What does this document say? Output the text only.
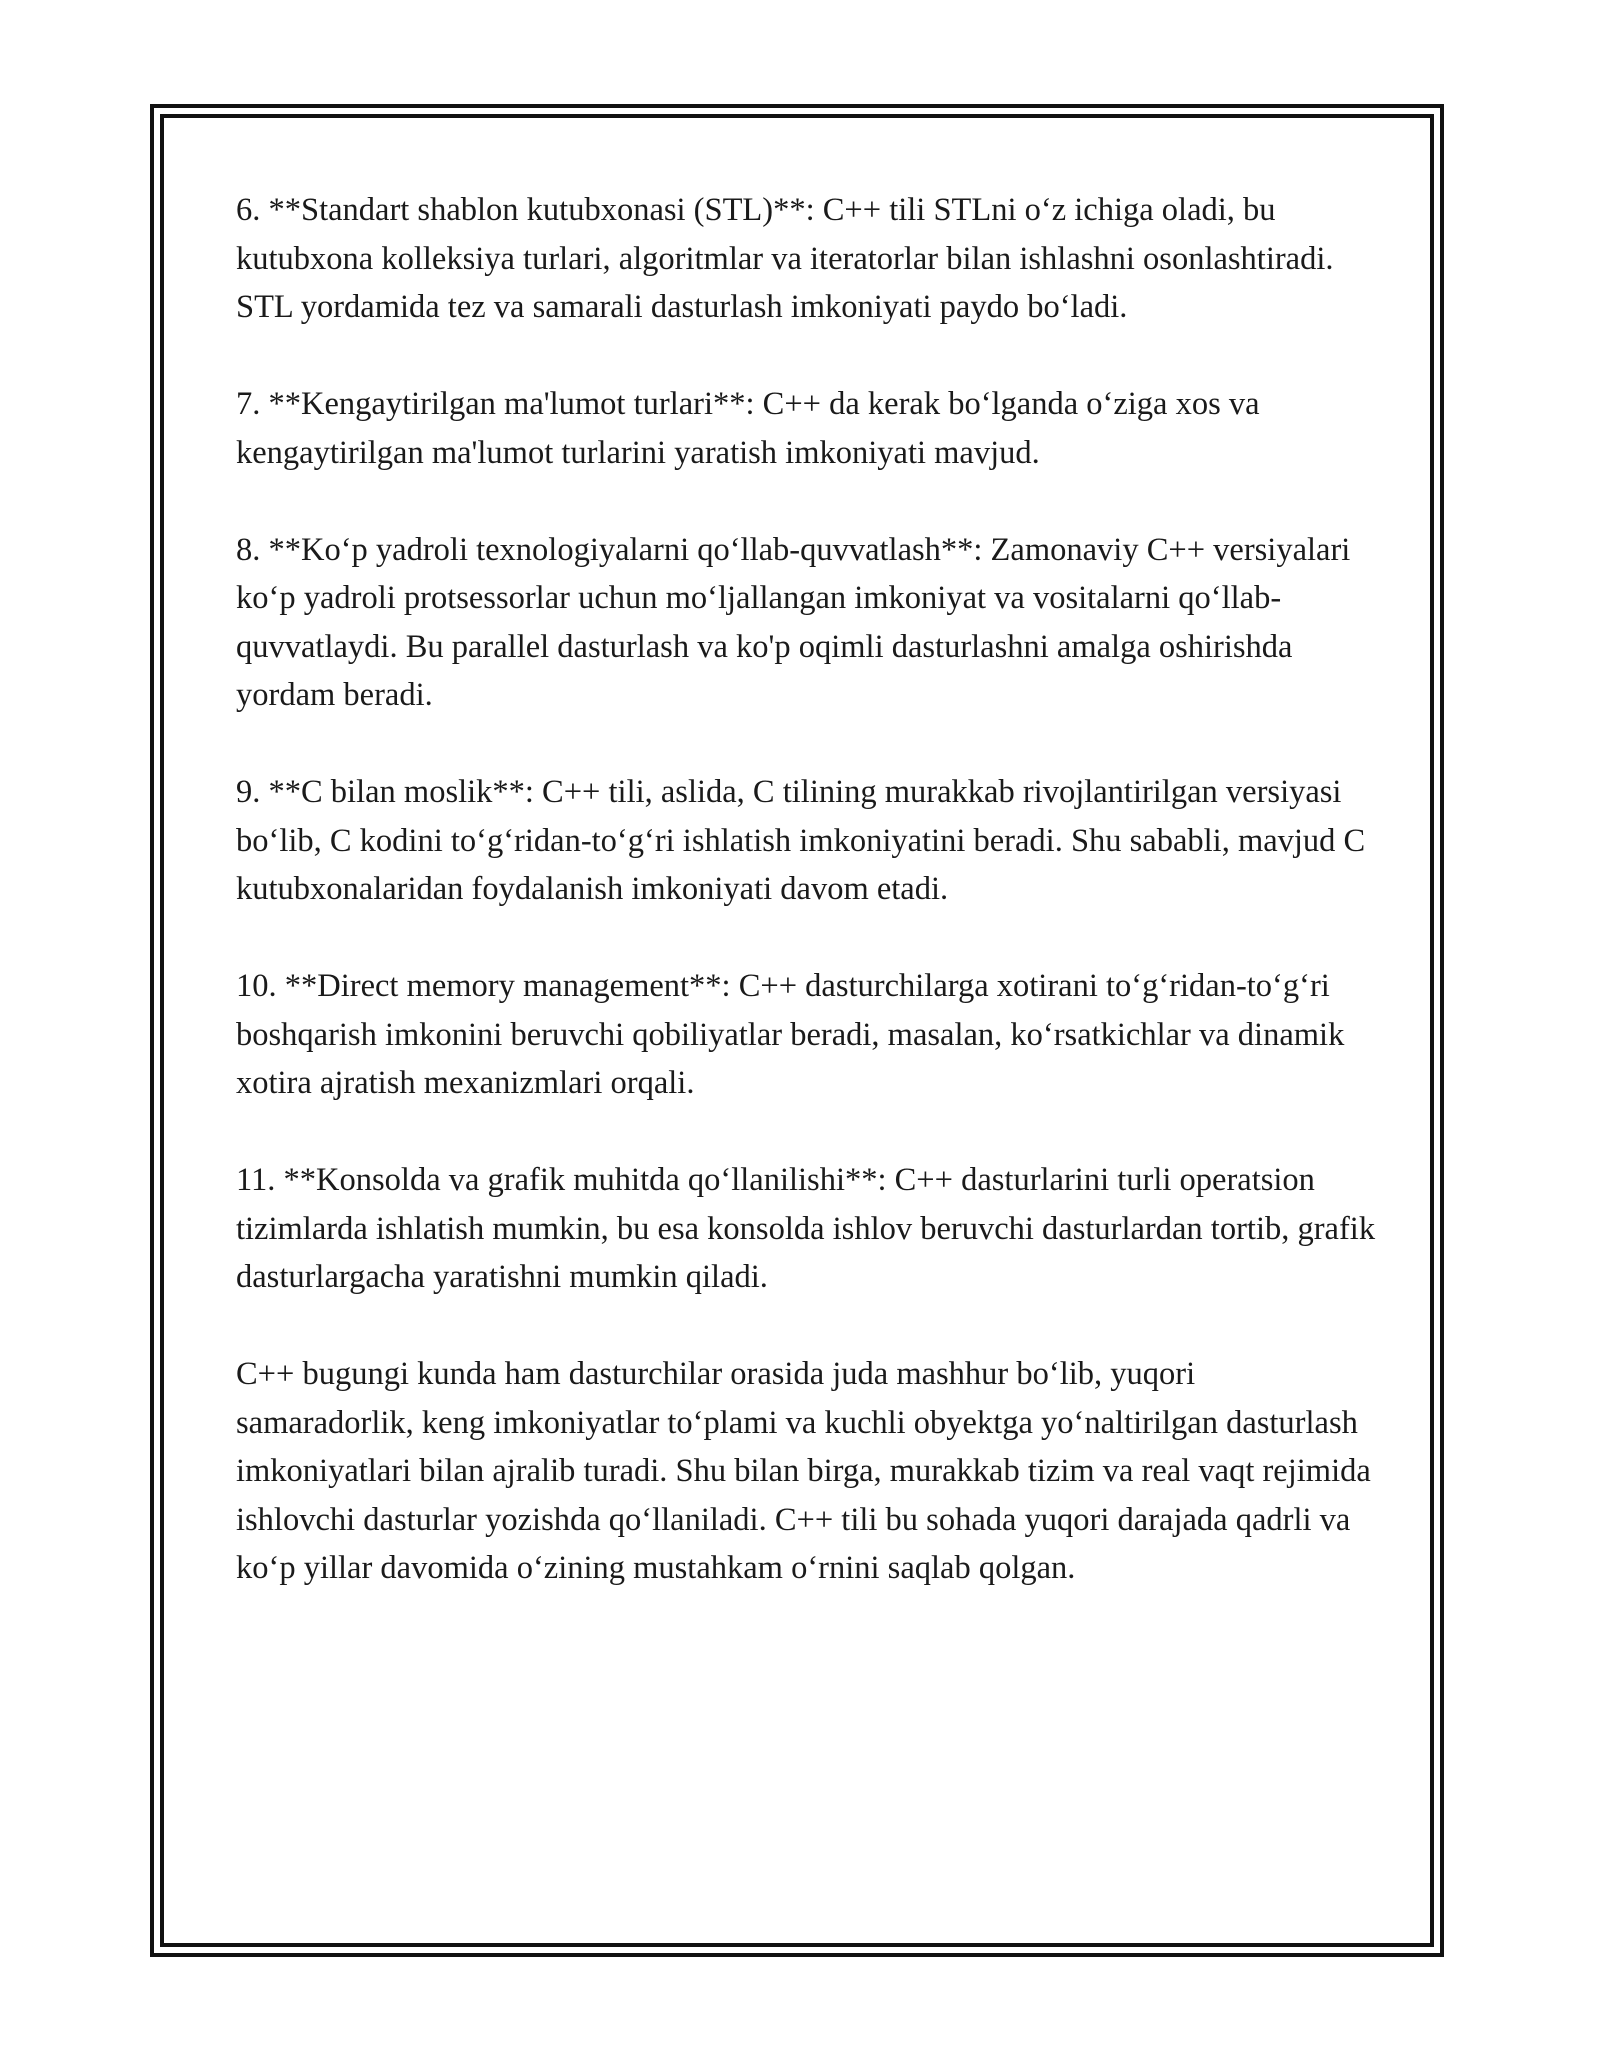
6. **Standart shablon kutubxonasi (STL)**: C++ tili STLni o‘z ichiga oladi, bu kutubxona kolleksiya turlari, algoritmlar va iteratorlar bilan ishlashni osonlashtiradi. STL yordamida tez va samarali dasturlash imkoniyati paydo bo‘ladi.

7. **Kengaytirilgan ma'lumot turlari**: C++ da kerak bo‘lganda o‘ziga xos va kengaytirilgan ma'lumot turlarini yaratish imkoniyati mavjud.

8. **Ko‘p yadroli texnologiyalarni qo‘llab-quvvatlash**: Zamonaviy C++ versiyalari ko‘p yadroli protsessorlar uchun mo‘ljallangan imkoniyat va vositalarni qo‘llab-quvvatlaydi. Bu parallel dasturlash va ko'p oqimli dasturlashni amalga oshirishda yordam beradi.

9. **C bilan moslik**: C++ tili, aslida, C tilining murakkab rivojlantirilgan versiyasi bo‘lib, C kodini to‘g‘ridan-to‘g‘ri ishlatish imkoniyatini beradi. Shu sababli, mavjud C kutubxonalaridan foydalanish imkoniyati davom etadi.

10. **Direct memory management**: C++ dasturchilarga xotirani to‘g‘ridan-to‘g‘ri boshqarish imkonini beruvchi qobiliyatlar beradi, masalan, ko‘rsatkichlar va dinamik xotira ajratish mexanizmlari orqali.

11. **Konsolda va grafik muhitda qo‘llanilishi**: C++ dasturlarini turli operatsion tizimlarda ishlatish mumkin, bu esa konsolda ishlov beruvchi dasturlardan tortib, grafik dasturlargacha yaratishni mumkin qiladi.

C++ bugungi kunda ham dasturchilar orasida juda mashhur bo‘lib, yuqori samaradorlik, keng imkoniyatlar to‘plami va kuchli obyektga yo‘naltirilgan dasturlash imkoniyatlari bilan ajralib turadi. Shu bilan birga, murakkab tizim va real vaqt rejimida ishlovchi dasturlar yozishda qo‘llaniladi. C++ tili bu sohada yuqori darajada qadrli va ko‘p yillar davomida o‘zining mustahkam o‘rnini saqlab qolgan.
